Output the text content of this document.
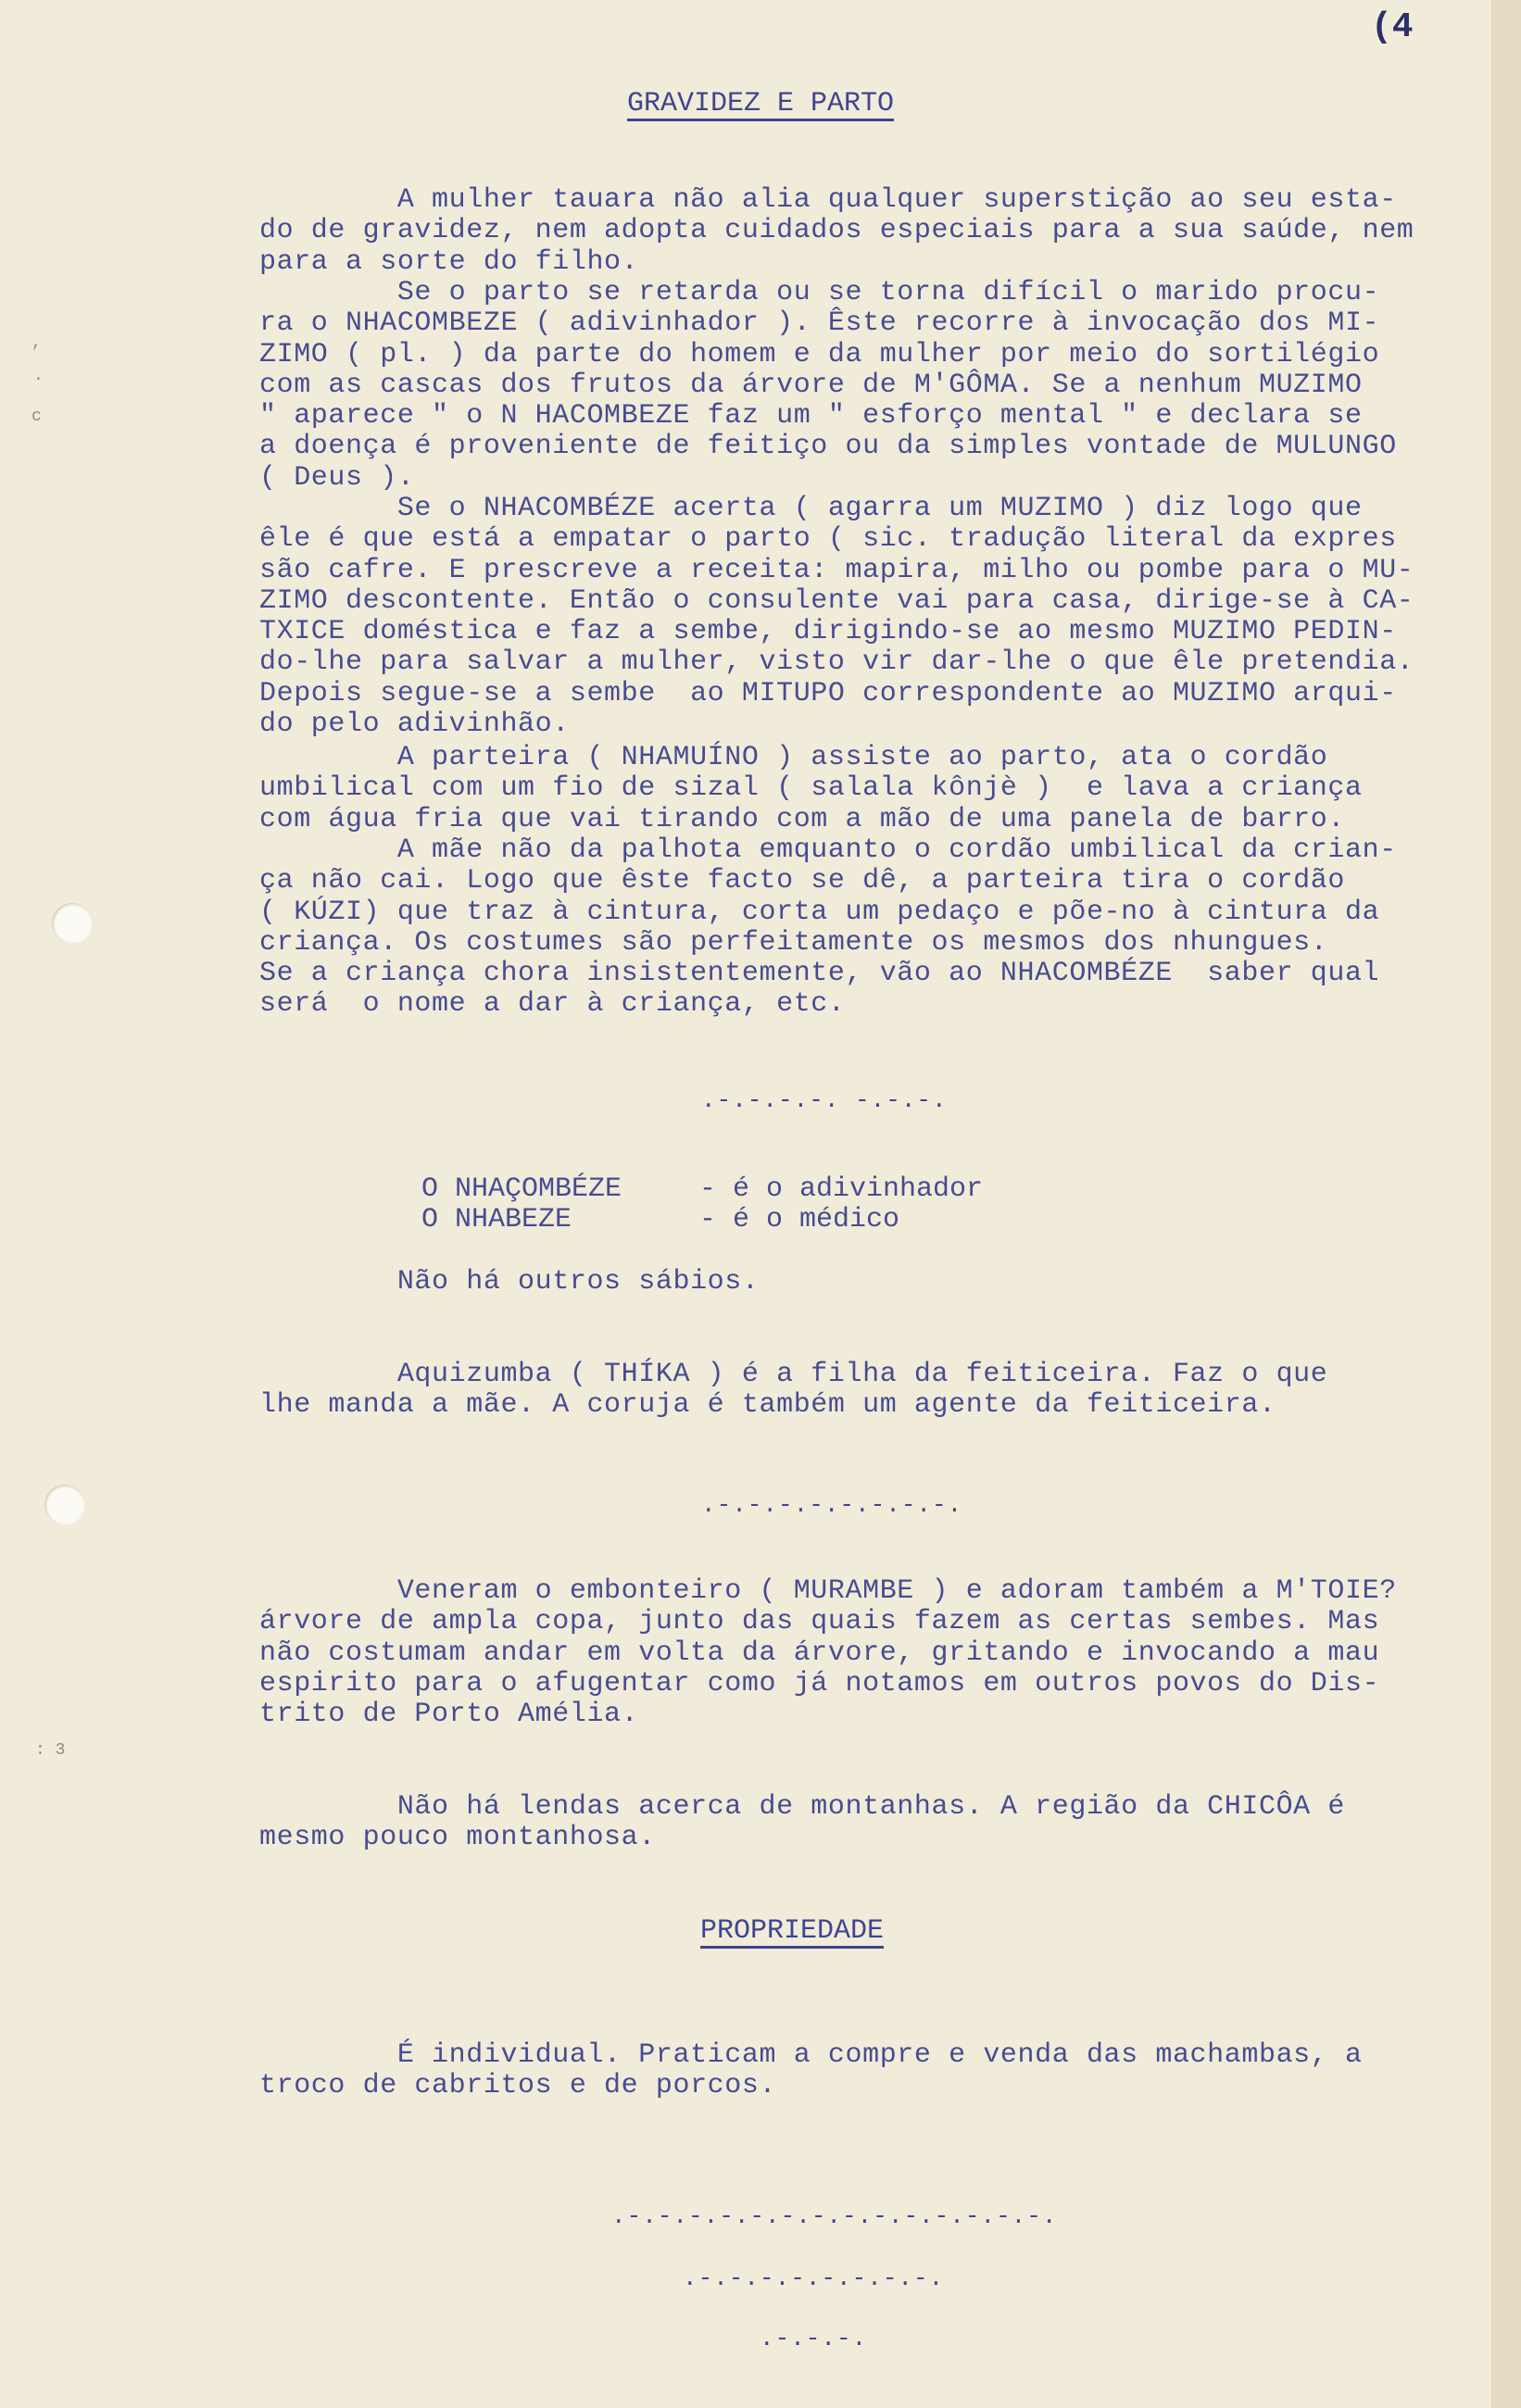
,
·
c
: 3
(4
GRAVIDEZ E PARTO
A mulher tauara não alia qualquer superstição ao seu esta-
do de gravidez, nem adopta cuidados especiais para a sua saúde, nem
para a sorte do filho.
Se o parto se retarda ou se torna difícil o marido procu-
ra o NHACOMBEZE ( adivinhador ). Êste recorre à invocação dos MI-
ZIMO ( pl. ) da parte do homem e da mulher por meio do sortilégio
com as cascas dos frutos da árvore de M'GÔMA. Se a nenhum MUZIMO
" aparece " o N HACOMBEZE faz um " esforço mental " e declara se
a doença é proveniente de feitiço ou da simples vontade de MULUNGO
( Deus ).
Se o NHACOMBÉZE acerta ( agarra um MUZIMO ) diz logo que
êle é que está a empatar o parto ( sic. tradução literal da expres
são cafre. E prescreve a receita: mapira, milho ou pombe para o MU-
ZIMO descontente. Então o consulente vai para casa, dirige-se à CA-
TXICE doméstica e faz a sembe, dirigindo-se ao mesmo MUZIMO PEDIN-
do-lhe para salvar a mulher, visto vir dar-lhe o que êle pretendia.
Depois segue-se a sembe  ao MITUPO correspondente ao MUZIMO arqui-
do pelo adivinhão.
A parteira ( NHAMUÍNO ) assiste ao parto, ata o cordão
umbilical com um fio de sizal ( salala kônjè )  e lava a criança
com água fria que vai tirando com a mão de uma panela de barro.
A mãe não da palhota emquanto o cordão umbilical da crian-
ça não cai. Logo que êste facto se dê, a parteira tira o cordão
( KÚZI) que traz à cintura, corta um pedaço e põe-no à cintura da
criança. Os costumes são perfeitamente os mesmos dos nhungues.
Se a criança chora insistentemente, vão ao NHACOMBÉZE  saber qual
será  o nome a dar à criança, etc.
.-.-.-.-. -.-.-.
O NHAÇOMBÉZE	- é o adivinhador
O NHABEZE	- é o médico
Não há outros sábios.
Aquizumba ( THÍKA ) é a filha da feiticeira. Faz o que
lhe manda a mãe. A coruja é também um agente da feiticeira.
.-.-.-.-.-.-.-.-.
Veneram o embonteiro ( MURAMBE ) e adoram também a M'TOIE?
árvore de ampla copa, junto das quais fazem as certas sembes. Mas
não costumam andar em volta da árvore, gritando e invocando a mau
espirito para o afugentar como já notamos em outros povos do Dis-
trito de Porto Amélia.
Não há lendas acerca de montanhas. A região da CHICÔA é
mesmo pouco montanhosa.
PROPRIEDADE
É individual. Praticam a compre e venda das machambas, a
troco de cabritos e de porcos.
.-.-.-.-.-.-.-.-.-.-.-.-.-.-.
.-.-.-.-.-.-.-.-.
.-.-.-.
